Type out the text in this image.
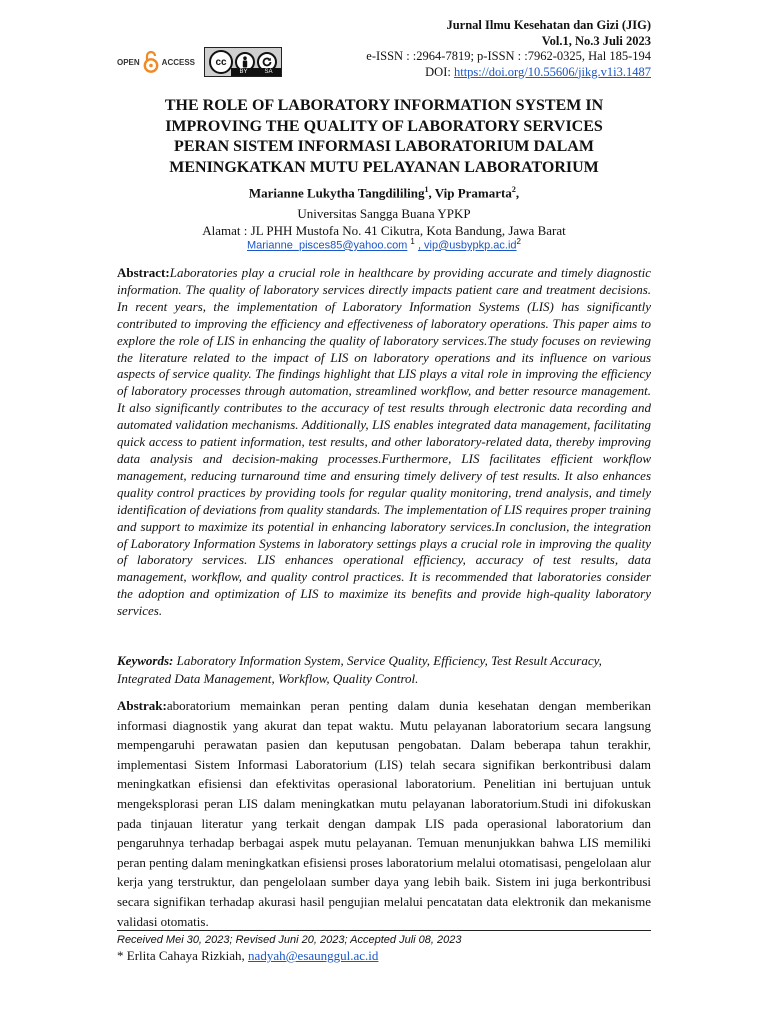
OPEN	ACCESS	cc
BY	SA
Jurnal Ilmu Kesehatan dan Gizi (JIG)
Vol.1, No.3 Juli 2023
e-ISSN : :2964-7819; p-ISSN : :7962-0325, Hal 185-194
DOI: https://doi.org/10.55606/jikg.v1i3.1487
THE ROLE OF LABORATORY INFORMATION SYSTEM IN
IMPROVING THE QUALITY OF LABORATORY SERVICES
PERAN SISTEM INFORMASI LABORATORIUM DALAM
MENINGKATKAN MUTU PELAYANAN LABORATORIUM
Marianne Lukytha Tangdililing$^1$, Vip Pramarta$^2$,
Universitas Sangga Buana YPKP
Alamat : JL PHH Mustofa No. 41 Cikutra, Kota Bandung, Jawa Barat
Marianne_pisces85@yahoo.com $^1$ , $vip@usbypkp.ac.id^2$
Abstract:Laboratories play a crucial role in healthcare by providing accurate and timely diagnostic information. The quality of laboratory services directly impacts patient care and treatment decisions. In recent years, the implementation of Laboratory Information Systems (LIS) has significantly contributed to improving the efficiency and effectiveness of laboratory operations. This paper aims to explore the role of LIS in enhancing the quality of laboratory services.The study focuses on reviewing the literature related to the impact of LIS on laboratory operations and its influence on various aspects of service quality. The findings highlight that LIS plays a vital role in improving the efficiency of laboratory processes through automation, streamlined workflow, and better resource management. It also significantly contributes to the accuracy of test results through electronic data recording and automated validation mechanisms. Additionally, LIS enables integrated data management, facilitating quick access to patient information, test results, and other laboratory-related data, thereby improving data analysis and decision-making processes.Furthermore, LIS facilitates efficient workflow management, reducing turnaround time and ensuring timely delivery of test results. It also enhances quality control practices by providing tools for regular quality monitoring, trend analysis, and timely identification of deviations from quality standards. The implementation of LIS requires proper training and support to maximize its potential in enhancing laboratory services.In conclusion, the integration of Laboratory Information Systems in laboratory settings plays a crucial role in improving the quality of laboratory services. LIS enhances operational efficiency, accuracy of test results, data management, workflow, and quality control practices. It is recommended that laboratories consider the adoption and optimization of LIS to maximize its benefits and provide high-quality laboratory services.
Keywords: Laboratory Information System, Service Quality, Efficiency, Test Result Accuracy, Integrated Data Management, Workflow, Quality Control.
Abstrak:aboratorium memainkan peran penting dalam dunia kesehatan dengan memberikan informasi diagnostik yang akurat dan tepat waktu. Mutu pelayanan laboratorium secara langsung mempengaruhi perawatan pasien dan keputusan pengobatan. Dalam beberapa tahun terakhir, implementasi Sistem Informasi Laboratorium (LIS) telah secara signifikan berkontribusi dalam meningkatkan efisiensi dan efektivitas operasional laboratorium. Penelitian ini bertujuan untuk mengeksplorasi peran LIS dalam meningkatkan mutu pelayanan laboratorium.Studi ini difokuskan pada tinjauan literatur yang terkait dengan dampak LIS pada operasional laboratorium dan pengaruhnya terhadap berbagai aspek mutu pelayanan. Temuan menunjukkan bahwa LIS memiliki peran penting dalam meningkatkan efisiensi proses laboratorium melalui otomatisasi, pengelolaan alur kerja yang terstruktur, dan pengelolaan sumber daya yang lebih baik. Sistem ini juga berkontribusi secara signifikan terhadap akurasi hasil pengujian melalui pencatatan data elektronik dan mekanisme validasi otomatis.
Received Mei 30, 2023; Revised Juni 20, 2023; Accepted Juli 08, 2023
* Erlita Cahaya Rizkiah, nadyah@esaunggul.ac.id
